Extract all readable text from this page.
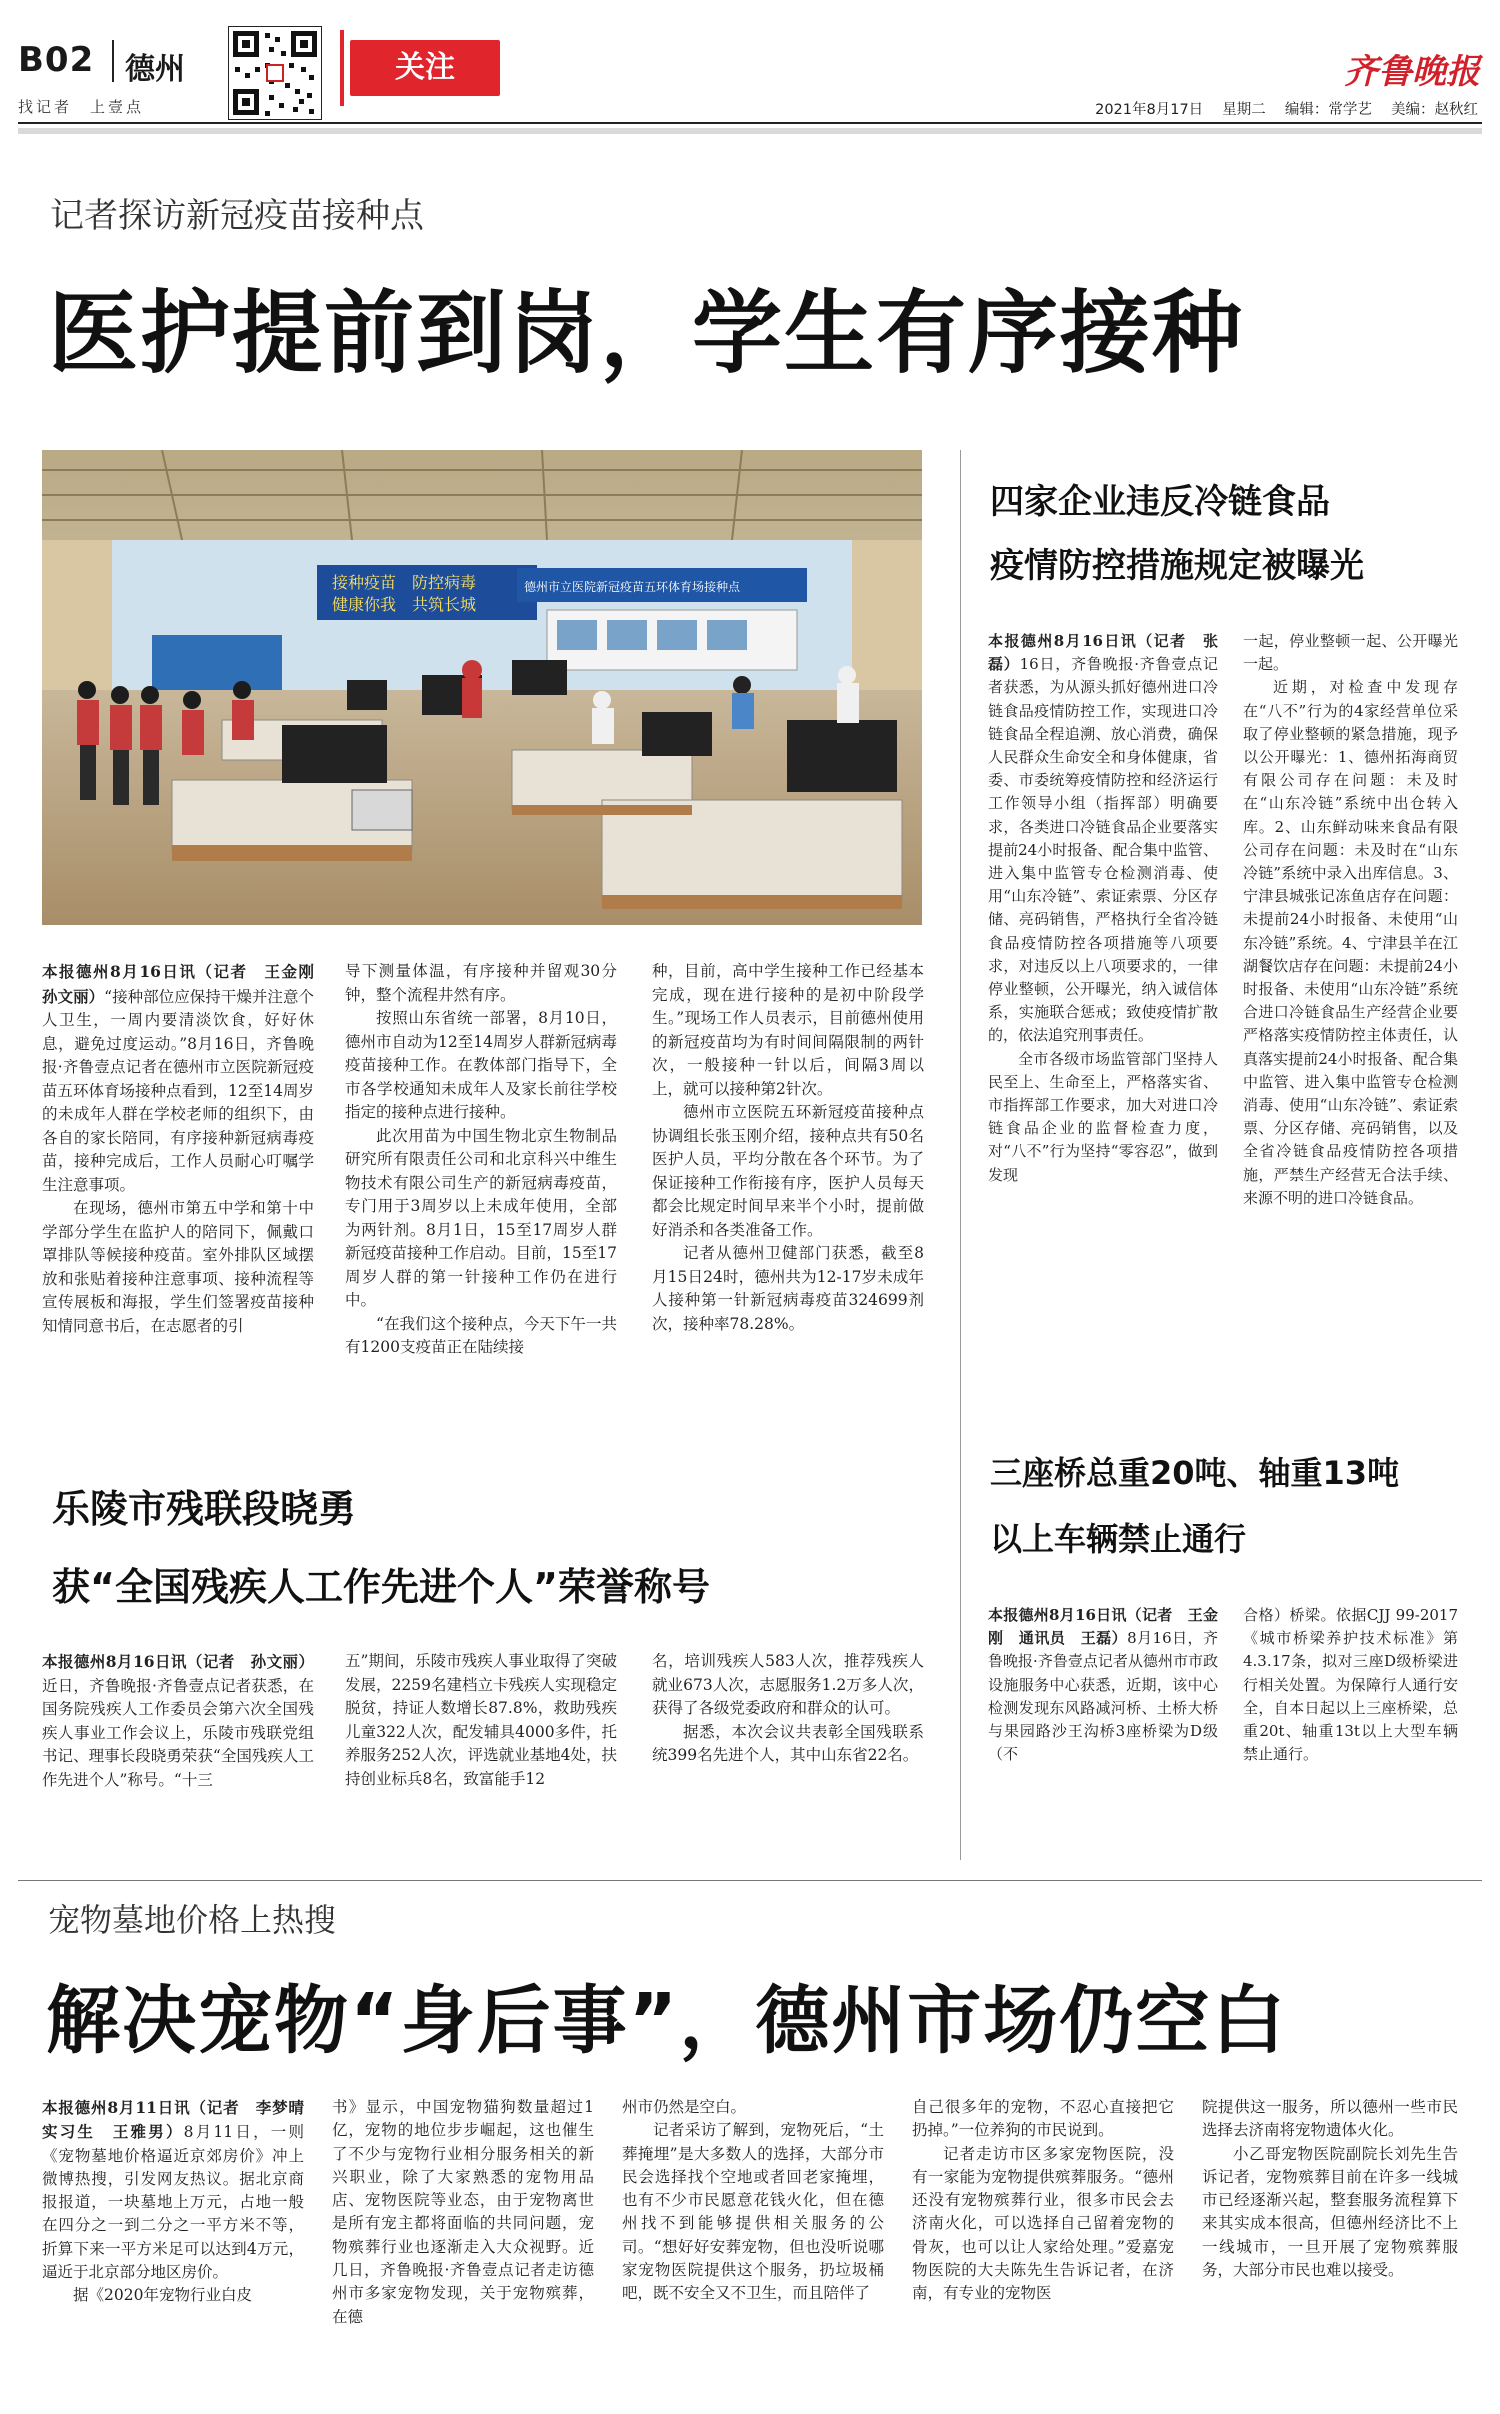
B02 德州
找记者　上壹点
关注	齐鲁晚报
2021年8月17日　 星期二　 编辑：常学艺　 美编：赵秋红
记者探访新冠疫苗接种点
医护提前到岗，学生有序接种
接种疫苗　防控病毒
健康你我　共筑长城
德州市立医院新冠疫苗五环体育场接种点

本报德州8月16日讯（记者　王金刚　孙文丽）“接种部位应保持干燥并注意个人卫生，一周内要清淡饮食，好好休息，避免过度运动。”8月16日，齐鲁晚报·齐鲁壹点记者在德州市立医院新冠疫苗五环体育场接种点看到，12至14周岁的未成年人群在学校老师的组织下，由各自的家长陪同，有序接种新冠病毒疫苗，接种完成后，工作人员耐心叮嘱学生注意事项。

在现场，德州市第五中学和第十中学部分学生在监护人的陪同下，佩戴口罩排队等候接种疫苗。室外排队区域摆放和张贴着接种注意事项、接种流程等宣传展板和海报，学生们签署疫苗接种知情同意书后，在志愿者的引

导下测量体温，有序接种并留观30分钟，整个流程井然有序。

按照山东省统一部署，8月10日，德州市自动为12至14周岁人群新冠病毒疫苗接种工作。在教体部门指导下，全市各学校通知未成年人及家长前往学校指定的接种点进行接种。

此次用苗为中国生物北京生物制品研究所有限责任公司和北京科兴中维生物技术有限公司生产的新冠病毒疫苗，专门用于3周岁以上未成年使用，全部为两针剂。8月1日，15至17周岁人群新冠疫苗接种工作启动。目前，15至17周岁人群的第一针接种工作仍在进行中。

“在我们这个接种点，今天下午一共有1200支疫苗正在陆续接

种，目前，高中学生接种工作已经基本完成，现在进行接种的是初中阶段学生。”现场工作人员表示，目前德州使用的新冠疫苗均为有时间间隔限制的两针次，一般接种一针以后，间隔3周以上，就可以接种第2针次。

德州市立医院五环新冠疫苗接种点协调组长张玉刚介绍，接种点共有50名医护人员，平均分散在各个环节。为了保证接种工作衔接有序，医护人员每天都会比规定时间早来半个小时，提前做好消杀和各类准备工作。

记者从德州卫健部门获悉，截至8月15日24时，德州共为12-17岁未成年人接种第一针新冠病毒疫苗324699剂次，接种率78.28%。

四家企业违反冷链食品
疫情防控措施规定被曝光

本报德州8月16日讯（记者　张磊）16日，齐鲁晚报·齐鲁壹点记者获悉，为从源头抓好德州进口冷链食品疫情防控工作，实现进口冷链食品全程追溯、放心消费，确保人民群众生命安全和身体健康，省委、市委统筹疫情防控和经济运行工作领导小组（指挥部）明确要求，各类进口冷链食品企业要落实提前24小时报备、配合集中监管、进入集中监管专仓检测消毒、使用“山东冷链”、索证索票、分区存储、亮码销售，严格执行全省冷链食品疫情防控各项措施等八项要求，对违反以上八项要求的，一律停业整顿，公开曝光，纳入诚信体系，实施联合惩戒；致使疫情扩散的，依法追究刑事责任。

全市各级市场监管部门坚持人民至上、生命至上，严格落实省、市指挥部工作要求，加大对进口冷链食品企业的监督检查力度，对“八不”行为坚持“零容忍”，做到发现

一起，停业整顿一起、公开曝光一起。

近期，对检查中发现存在“八不”行为的4家经营单位采取了停业整顿的紧急措施，现予以公开曝光：1、德州拓海商贸有限公司存在问题：未及时在“山东冷链”系统中出仓转入库。2、山东鲜动味来食品有限公司存在问题：未及时在“山东冷链”系统中录入出库信息。3、宁津县城张记冻鱼店存在问题：未提前24小时报备、未使用“山东冷链”系统。4、宁津县羊在江湖餐饮店存在问题：未提前24小时报备、未使用“山东冷链”系统合进口冷链食品生产经营企业要严格落实疫情防控主体责任，认真落实提前24小时报备、配合集中监管、进入集中监管专仓检测消毒、使用“山东冷链”、索证索票、分区存储、亮码销售，以及全省冷链食品疫情防控各项措施，严禁生产经营无合法手续、来源不明的进口冷链食品。

三座桥总重20吨、轴重13吨
以上车辆禁止通行

本报德州8月16日讯（记者　王金刚　通讯员　王磊）8月16日，齐鲁晚报·齐鲁壹点记者从德州市市政设施服务中心获悉，近期，该中心检测发现东风路减河桥、土桥大桥与果园路沙王沟桥3座桥梁为D级（不

合格）桥梁。依据CJJ 99-2017《城市桥梁养护技术标准》第4.3.17条，拟对三座D级桥梁进行相关处置。为保障行人通行安全，自本日起以上三座桥梁，总重20t、轴重13t以上大型车辆禁止通行。

乐陵市残联段晓勇
获“全国残疾人工作先进个人”荣誉称号

本报德州8月16日讯（记者　孙文丽）近日，齐鲁晚报·齐鲁壹点记者获悉，在国务院残疾人工作委员会第六次全国残疾人事业工作会议上，乐陵市残联党组书记、理事长段晓勇荣获“全国残疾人工作先进个人”称号。“十三

五”期间，乐陵市残疾人事业取得了突破发展，2259名建档立卡残疾人实现稳定脱贫，持证人数增长87.8%，救助残疾儿童322人次，配发辅具4000多件，托养服务252人次，评选就业基地4处，扶持创业标兵8名，致富能手12

名，培训残疾人583人次，推荐残疾人就业673人次，志愿服务1.2万多人次，获得了各级党委政府和群众的认可。

据悉，本次会议共表彰全国残联系统399名先进个人，其中山东省22名。

宠物墓地价格上热搜
解决宠物“身后事”，德州市场仍空白

本报德州8月11日讯（记者　李梦晴　实习生　王雅男）8月11日，一则《宠物墓地价格逼近京郊房价》冲上微博热搜，引发网友热议。据北京商报报道，一块墓地上万元，占地一般在四分之一到二分之一平方米不等，折算下来一平方米足可以达到4万元，逼近于北京部分地区房价。

据《2020年宠物行业白皮

书》显示，中国宠物猫狗数量超过1亿，宠物的地位步步崛起，这也催生了不少与宠物行业相分服务相关的新兴职业，除了大家熟悉的宠物用品店、宠物医院等业态，由于宠物离世是所有宠主都将面临的共同问题，宠物殡葬行业也逐渐走入大众视野。近几日，齐鲁晚报·齐鲁壹点记者走访德州市多家宠物发现，关于宠物殡葬，在德

州市仍然是空白。

记者采访了解到，宠物死后，“土葬掩埋”是大多数人的选择，大部分市民会选择找个空地或者回老家掩埋，也有不少市民愿意花钱火化，但在德州找不到能够提供相关服务的公司。“想好好安葬宠物，但也没听说哪家宠物医院提供这个服务，扔垃圾桶吧，既不安全又不卫生，而且陪伴了

自己很多年的宠物，不忍心直接把它扔掉。”一位养狗的市民说到。

记者走访市区多家宠物医院，没有一家能为宠物提供殡葬服务。“德州还没有宠物殡葬行业，很多市民会去济南火化，可以选择自己留着宠物的骨灰，也可以让人家给处理。”爱嘉宠物医院的大夫陈先生告诉记者，在济南，有专业的宠物医

院提供这一服务，所以德州一些市民选择去济南将宠物遗体火化。

小乙哥宠物医院副院长刘先生告诉记者，宠物殡葬目前在许多一线城市已经逐渐兴起，整套服务流程算下来其实成本很高，但德州经济比不上一线城市，一旦开展了宠物殡葬服务，大部分市民也难以接受。
